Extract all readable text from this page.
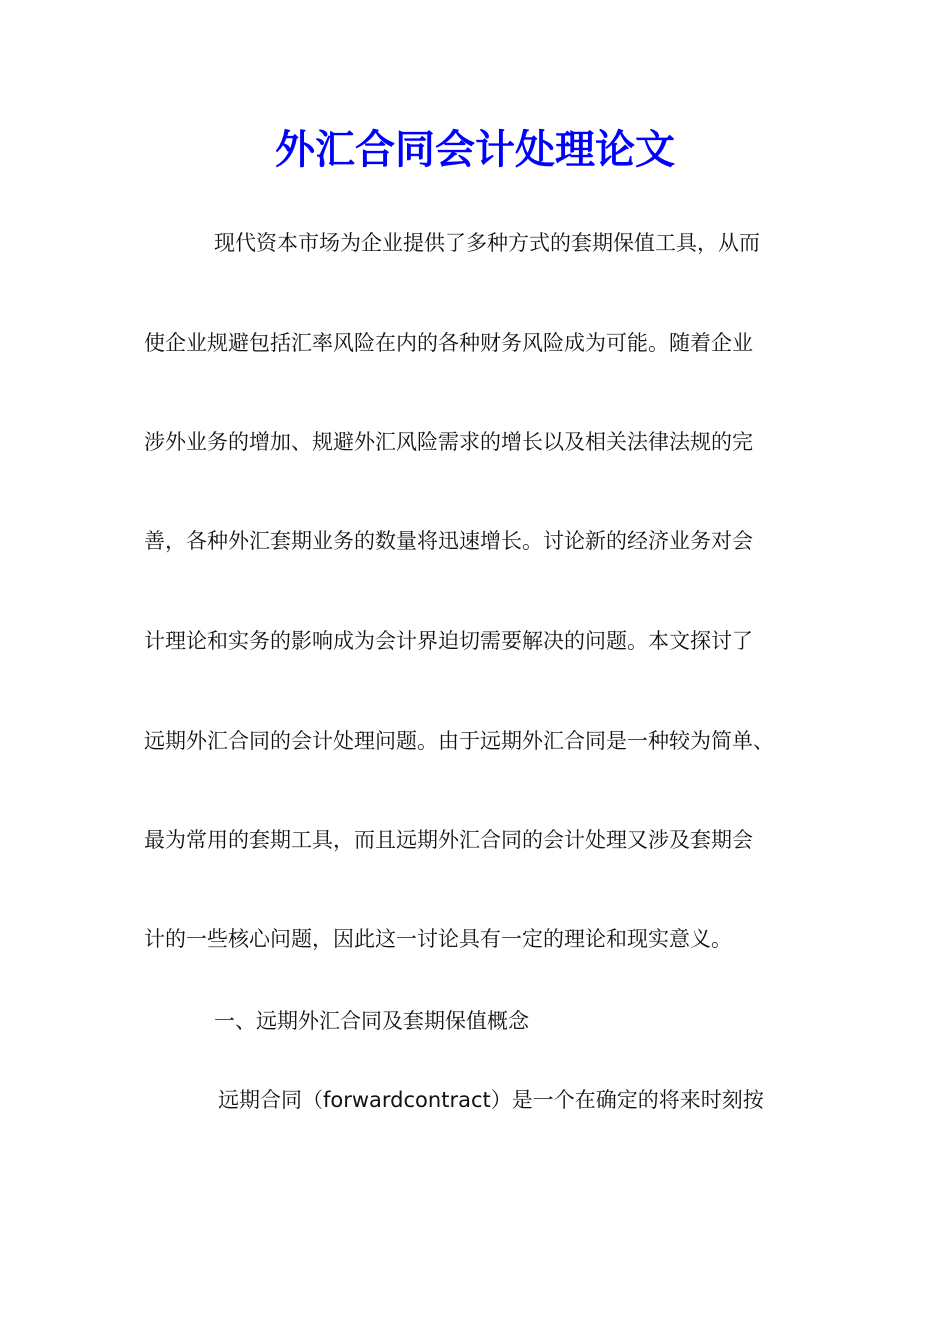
外汇合同会计处理论文

现代资本市场为企业提供了多种方式的套期保值工具，从而

使企业规避包括汇率风险在内的各种财务风险成为可能。随着企业

涉外业务的增加、规避外汇风险需求的增长以及相关法律法规的完

善，各种外汇套期业务的数量将迅速增长。讨论新的经济业务对会

计理论和实务的影响成为会计界迫切需要解决的问题。本文探讨了

远期外汇合同的会计处理问题。由于远期外汇合同是一种较为简单、

最为常用的套期工具，而且远期外汇合同的会计处理又涉及套期会

计的一些核心问题，因此这一讨论具有一定的理论和现实意义。

一、远期外汇合同及套期保值概念

远期合同（forwardcontract）是一个在确定的将来时刻按
